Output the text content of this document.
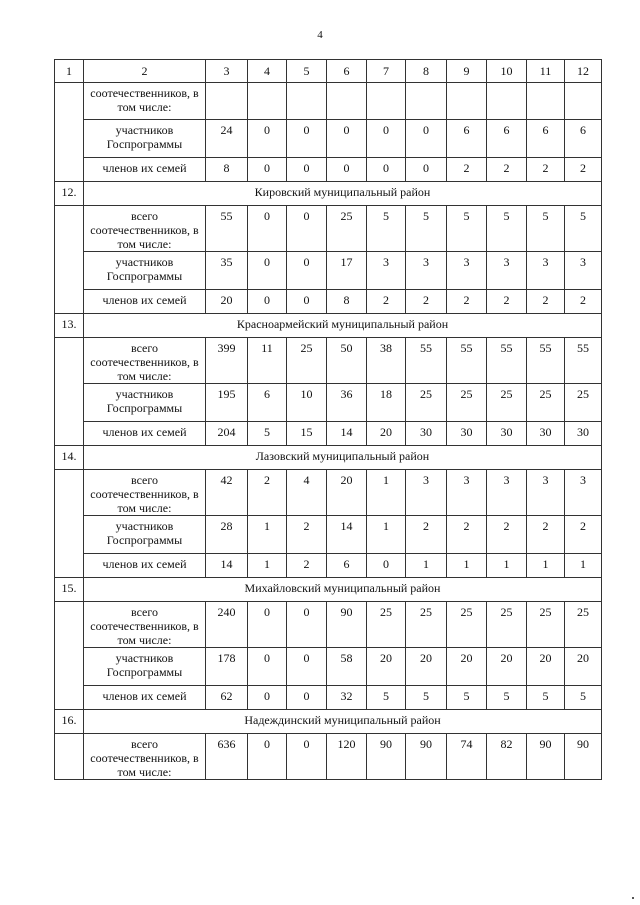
4
1	2	3	4	5	6	7	8	9	10	11	12
	соотечественников, в том числе:										
	участников Госпрограммы	24	0	0	0	0	0	6	6	6	6
	членов их семей	8	0	0	0	0	0	2	2	2	2
12.	Кировский муниципальный район										
	всего соотечественников, в том числе:	55	0	0	25	5	5	5	5	5	5
	участников Госпрограммы	35	0	0	17	3	3	3	3	3	3
	членов их семей	20	0	0	8	2	2	2	2	2	2
13.	Красноармейский муниципальный район										
	всего соотечественников, в том числе:	399	11	25	50	38	55	55	55	55	55
	участников Госпрограммы	195	6	10	36	18	25	25	25	25	25
	членов их семей	204	5	15	14	20	30	30	30	30	30
14.	Лазовский муниципальный район										
	всего соотечественников, в том числе:	42	2	4	20	1	3	3	3	3	3
	участников Госпрограммы	28	1	2	14	1	2	2	2	2	2
	членов их семей	14	1	2	6	0	1	1	1	1	1
15.	Михайловский муниципальный район										
	всего соотечественников, в том числе:	240	0	0	90	25	25	25	25	25	25
	участников Госпрограммы	178	0	0	58	20	20	20	20	20	20
	членов их семей	62	0	0	32	5	5	5	5	5	5
16.	Надеждинский муниципальный район										
	всего соотечественников, в том числе:	636	0	0	120	90	90	74	82	90	90
